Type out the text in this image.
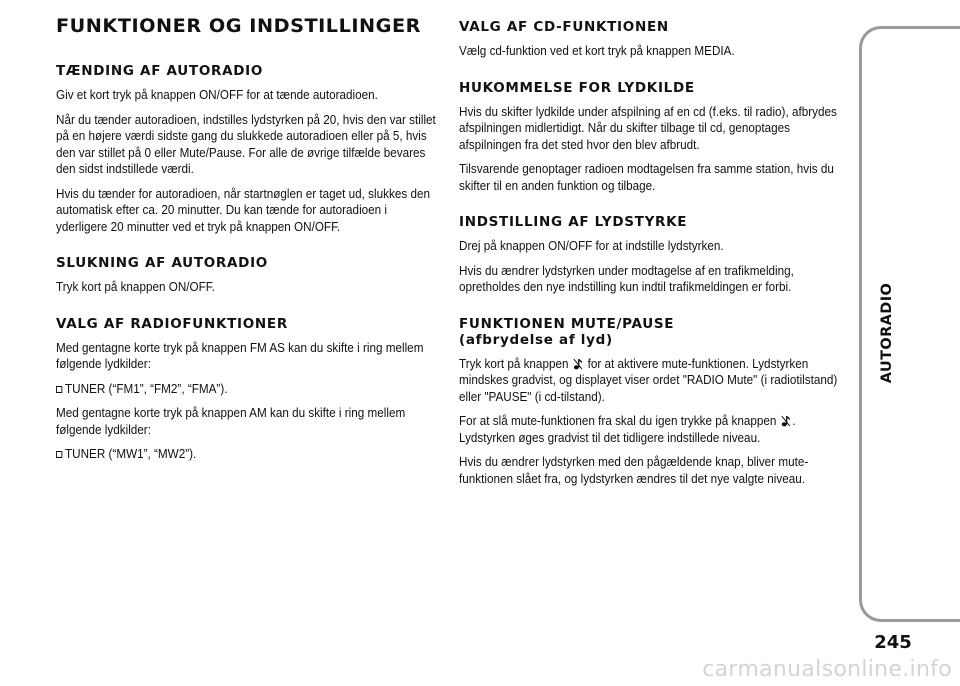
FUNKTIONER OG INDSTILLINGER
TÆNDING AF AUTORADIO
Giv et kort tryk på knappen ON/OFF for at tænde autoradioen.
Når du tænder autoradioen, indstilles lydstyrken på 20, hvis den var stillet på en højere værdi sidste gang du slukkede autoradioen eller på 5, hvis den var stillet på 0 eller Mute/Pause. For alle de øvrige tilfælde bevares den sidst indstillede værdi.
Hvis du tænder for autoradioen, når startnøglen er taget ud, slukkes den automatisk efter ca. 20 minutter. Du kan tænde for autoradioen i yderligere 20 minutter ved et tryk på knappen ON/OFF.
SLUKNING AF AUTORADIO
Tryk kort på knappen ON/OFF.
VALG AF RADIOFUNKTIONER
Med gentagne korte tryk på knappen FM AS kan du skifte i ring mellem følgende lydkilder:
TUNER (“FM1”, “FM2”, “FMA”).
Med gentagne korte tryk på knappen AM kan du skifte i ring mellem følgende lydkilder:
TUNER (“MW1”, “MW2”).
VALG AF CD-FUNKTIONEN
Vælg cd-funktion ved et kort tryk på knappen MEDIA.
HUKOMMELSE FOR LYDKILDE
Hvis du skifter lydkilde under afspilning af en cd (f.eks. til radio), afbrydes afspilningen midlertidigt. Når du skifter tilbage til cd, genoptages afspilningen fra det sted hvor den blev afbrudt.
Tilsvarende genoptager radioen modtagelsen fra samme station, hvis du skifter til en anden funktion og tilbage.
INDSTILLING AF LYDSTYRKE
Drej på knappen ON/OFF for at indstille lydstyrken.
Hvis du ændrer lydstyrken under modtagelse af en trafikmelding, opretholdes den nye indstilling kun indtil trafikmeldingen er forbi.
FUNKTIONEN MUTE/PAUSE
(afbrydelse af lyd)
Tryk kort på knappen for at aktivere mute-funktionen. Lydstyrken mindskes gradvist, og displayet viser ordet "RADIO Mute" (i radiotilstand) eller "PAUSE" (i cd-tilstand).
For at slå mute-funktionen fra skal du igen trykke på knappen . Lydstyrken øges gradvist til det tidligere indstillede niveau.
Hvis du ændrer lydstyrken med den pågældende knap, bliver mute-funktionen slået fra, og lydstyrken ændres til det nye valgte niveau.
AUTORADIO
245
carmanualsonline.info
